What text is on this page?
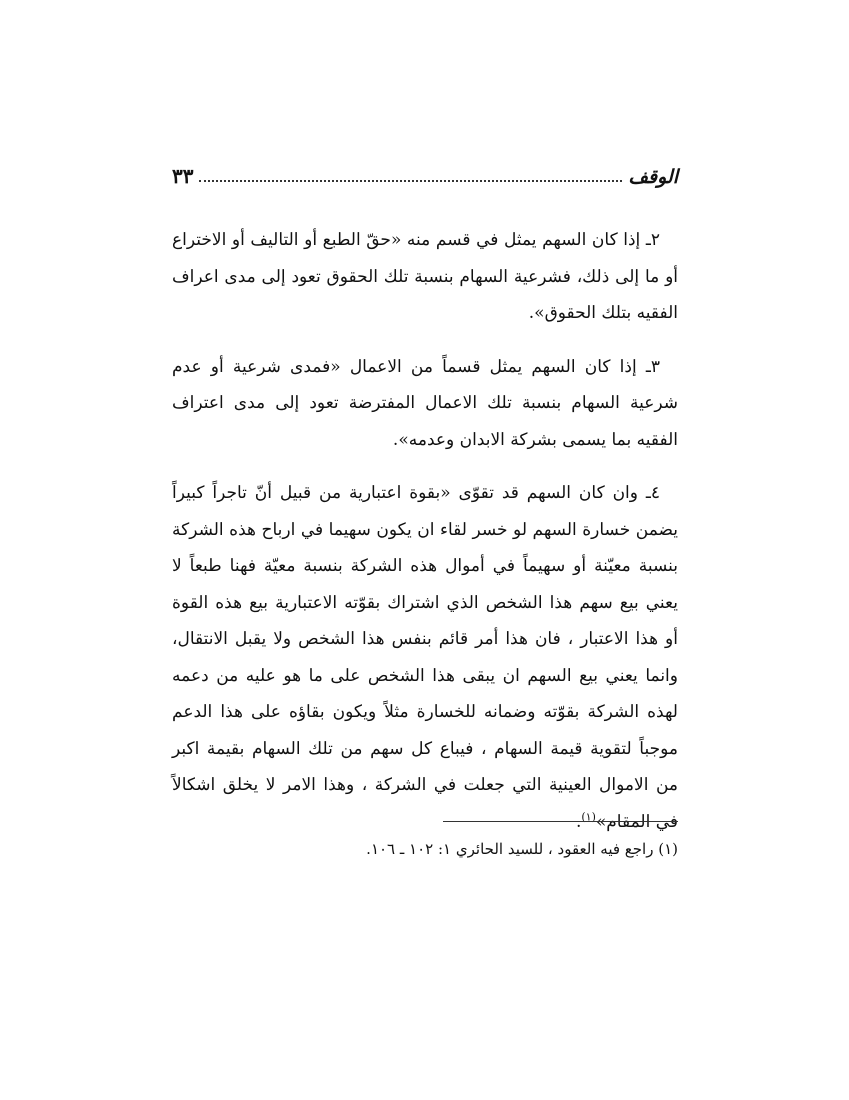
الوقف
٣٣

٢ـ إذا كان السهم يمثل في قسم منه «حقّ الطبع أو التاليف أو الاختراع أو ما إلى ذلك، فشرعية السهام بنسبة تلك الحقوق تعود إلى مدى اعراف الفقيه بتلك الحقوق».

٣ـ إذا كان السهم يمثل قسماً من الاعمال «فمدى شرعية أو عدم شرعية السهام بنسبة تلك الاعمال المفترضة تعود إلى مدى اعتراف الفقيه بما يسمى بشركة الابدان وعدمه».

٤ـ وان كان السهم قد تقوّى «بقوة اعتبارية من قبيل أنّ تاجراً كبيراً يضمن خسارة السهم لو خسر لقاء ان يكون سهيما في ارباح هذه الشركة بنسبة معيّنة أو سهيماً في أموال هذه الشركة بنسبة معيّة فهنا طبعاً لا يعني بيع سهم هذا الشخص الذي اشتراك بقوّته الاعتبارية بيع هذه القوة أو هذا الاعتبار ، فان هذا أمر قائم بنفس هذا الشخص ولا يقبل الانتقال، وانما يعني بيع السهم ان يبقى هذا الشخص على ما هو عليه من دعمه لهذه الشركة بقوّته وضمانه للخسارة مثلاً ويكون بقاؤه على هذا الدعم موجباً لتقوية قيمة السهام ، فيباع كل سهم من تلك السهام بقيمة اكبر من الاموال العينية التي جعلت في الشركة ، وهذا الامر لا يخلق اشكالاً في المقام»$^{(١)}$.

(١) راجع فيه العقود ، للسيد الحائري ١: ١٠٢ ـ ١٠٦.
